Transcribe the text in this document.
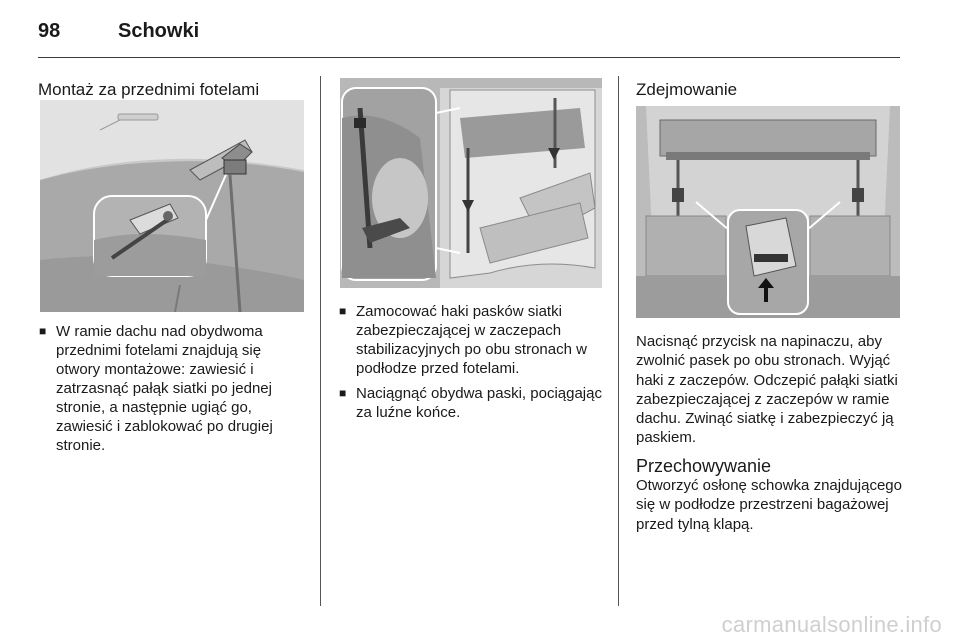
98	Schowki
Montaż za przednimi fotelami
■ W ramie dachu nad obydwoma przednimi fotelami znajdują się otwory montażowe: zawiesić i zatrzasnąć pałąk siatki po jednej stronie, a następnie ugiąć go, zawiesić i zablokować po drugiej stronie.
■ Zamocować haki pasków siatki zabezpieczającej w zaczepach stabilizacyjnych po obu stronach w podłodze przed fotelami.
■ Naciągnąć obydwa paski, pociągając za luźne końce.
Zdejmowanie

Nacisnąć przycisk na napinaczu, aby zwolnić pasek po obu stronach. Wyjąć haki z zaczepów. Odczepić pałąki siatki zabezpieczającej z zaczepów w ramie dachu. Zwinąć siatkę i zabezpieczyć ją paskiem.

Przechowywanie

Otworzyć osłonę schowka znajdującego się w podłodze przestrzeni bagażowej przed tylną klapą.

carmanualsonline.info
